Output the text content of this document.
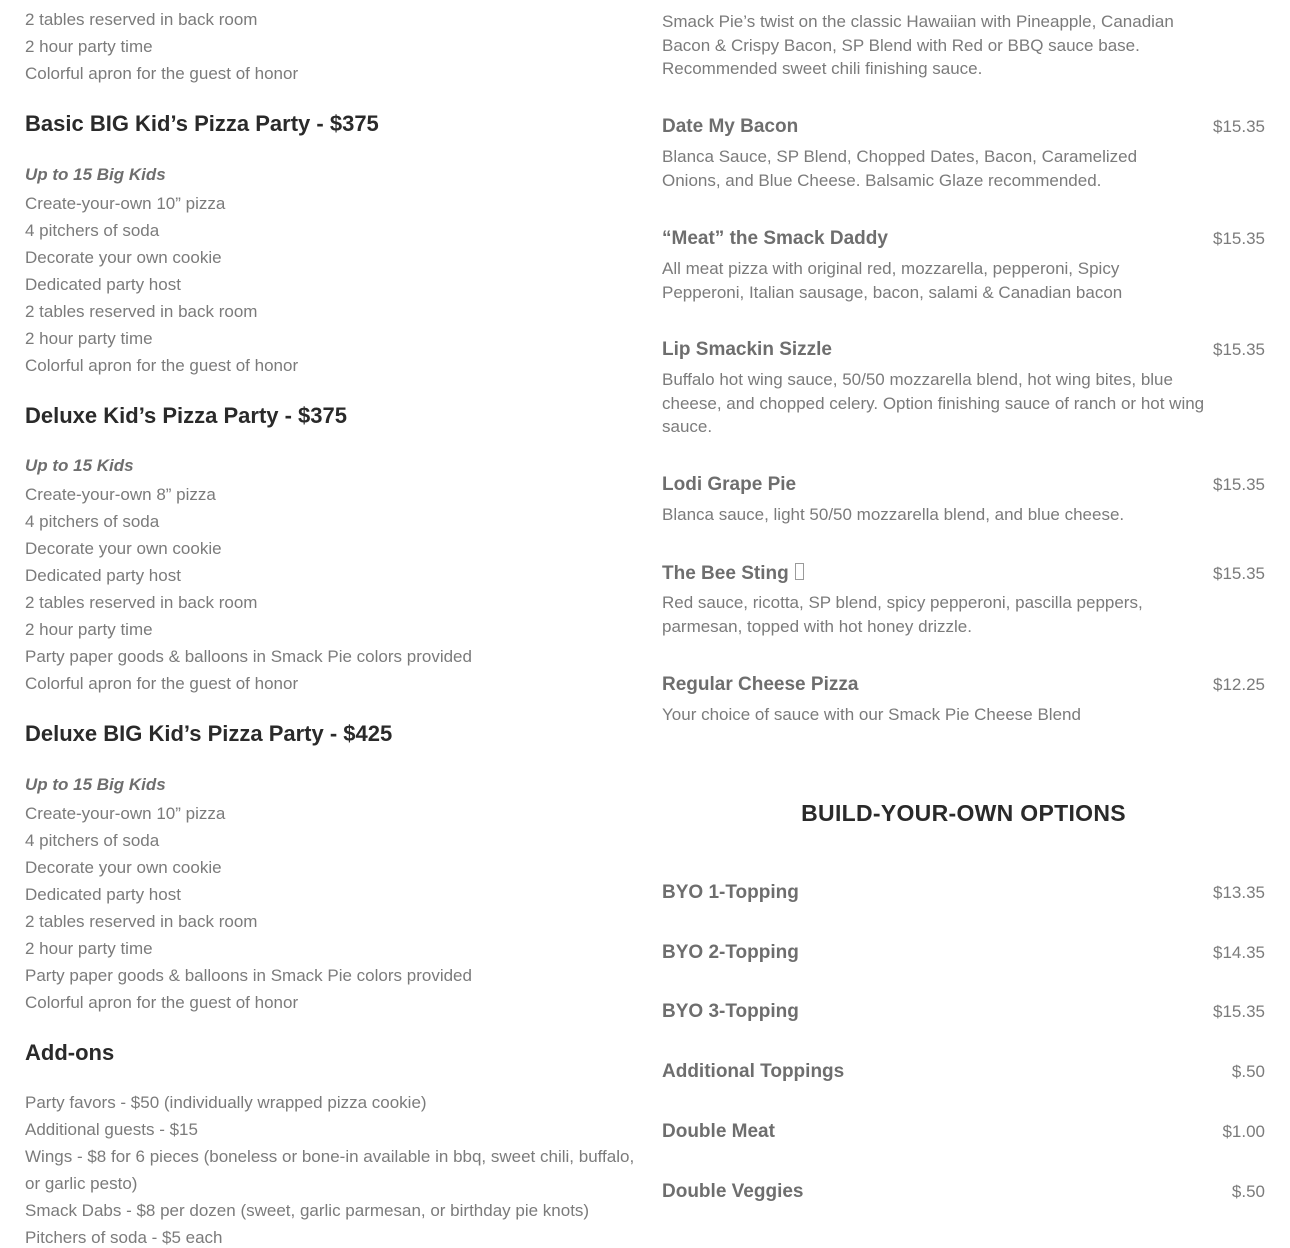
2 tables reserved in back room
2 hour party time
Colorful apron for the guest of honor
Basic BIG Kid’s Pizza Party - $375
Up to 15 Big Kids
Create-your-own 10” pizza
4 pitchers of soda
Decorate your own cookie
Dedicated party host
2 tables reserved in back room
2 hour party time
Colorful apron for the guest of honor
Deluxe Kid’s Pizza Party - $375
Up to 15 Kids
Create-your-own 8” pizza
4 pitchers of soda
Decorate your own cookie
Dedicated party host
2 tables reserved in back room
2 hour party time
Party paper goods & balloons in Smack Pie colors provided
Colorful apron for the guest of honor
Deluxe BIG Kid’s Pizza Party - $425
Up to 15 Big Kids
Create-your-own 10” pizza
4 pitchers of soda
Decorate your own cookie
Dedicated party host
2 tables reserved in back room
2 hour party time
Party paper goods & balloons in Smack Pie colors provided
Colorful apron for the guest of honor
Add-ons
Party favors - $50 (individually wrapped pizza cookie)
Additional guests - $15
Wings - $8 for 6 pieces (boneless or bone-in available in bbq, sweet chili, buffalo, or garlic pesto)
Smack Dabs - $8 per dozen (sweet, garlic parmesan, or birthday pie knots)
Pitchers of soda - $5 each
Smack Pie’s twist on the classic Hawaiian with Pineapple, Canadian Bacon & Crispy Bacon, SP Blend with Red or BBQ sauce base. Recommended sweet chili finishing sauce.
Date My Bacon	$15.35
Blanca Sauce, SP Blend, Chopped Dates, Bacon, Caramelized Onions, and Blue Cheese. Balsamic Glaze recommended.
“Meat” the Smack Daddy	$15.35
All meat pizza with original red, mozzarella, pepperoni, Spicy Pepperoni, Italian sausage, bacon, salami & Canadian bacon
Lip Smackin Sizzle	$15.35
Buffalo hot wing sauce, 50/50 mozzarella blend, hot wing bites, blue cheese, and chopped celery. Option finishing sauce of ranch or hot wing sauce.
Lodi Grape Pie	$15.35
Blanca sauce, light 50/50 mozzarella blend, and blue cheese.
The Bee Sting	$15.35
Red sauce, ricotta, SP blend, spicy pepperoni, pascilla peppers, parmesan, topped with hot honey drizzle.
Regular Cheese Pizza	$12.25
Your choice of sauce with our Smack Pie Cheese Blend
BUILD-YOUR-OWN OPTIONS
BYO 1-Topping	$13.35
BYO 2-Topping	$14.35
BYO 3-Topping	$15.35
Additional Toppings	$.50
Double Meat	$1.00
Double Veggies	$.50
